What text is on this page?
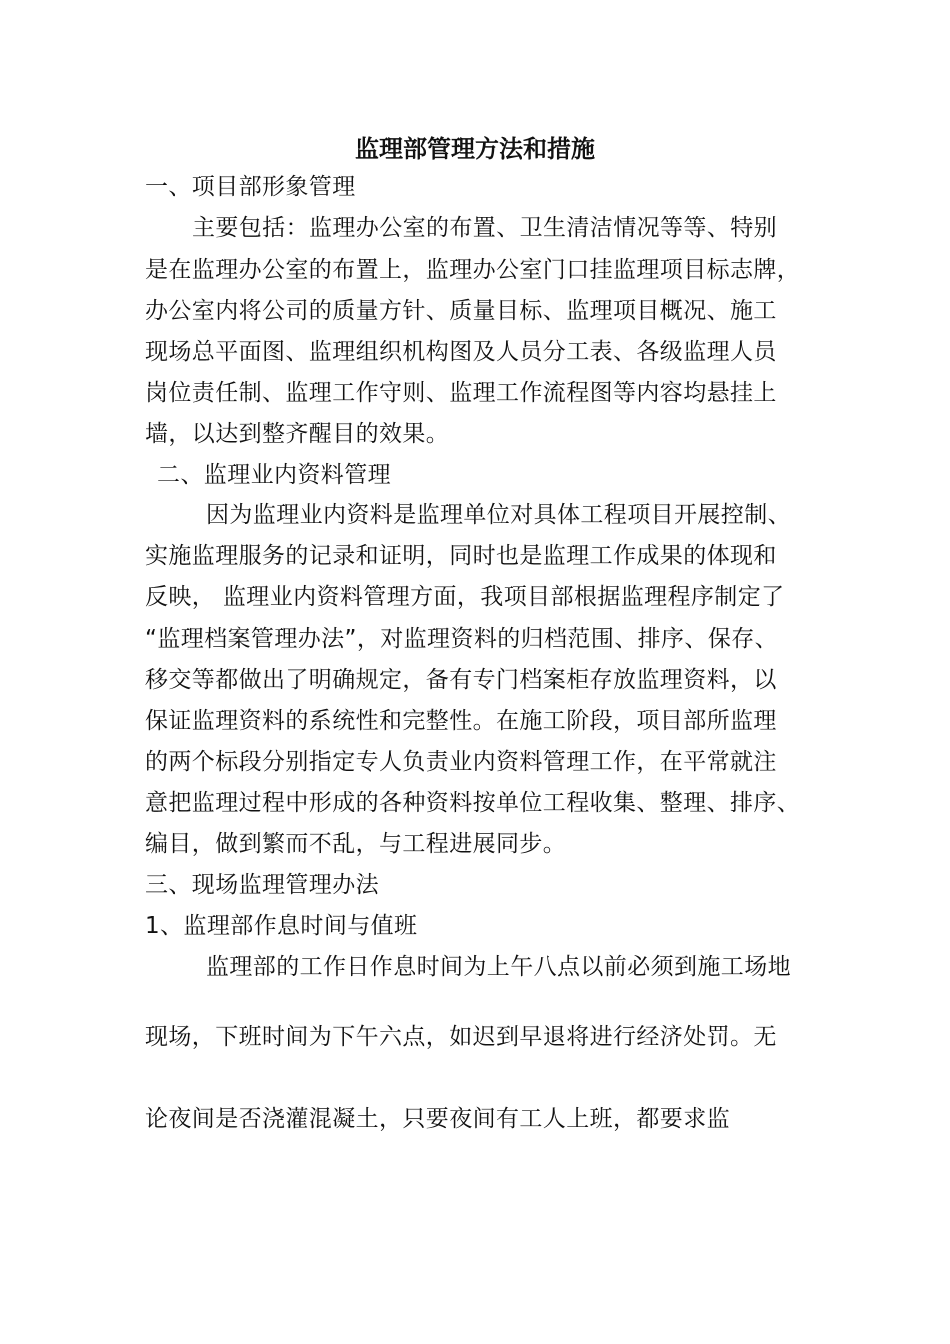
监理部管理方法和措施
一、项目部形象管理
主要包括：监理办公室的布置、卫生清洁情况等等、特别
是在监理办公室的布置上，监理办公室门口挂监理项目标志牌，
办公室内将公司的质量方针、质量目标、监理项目概况、施工
现场总平面图、监理组织机构图及人员分工表、各级监理人员
岗位责任制、监理工作守则、监理工作流程图等内容均悬挂上
墙，以达到整齐醒目的效果。
二、监理业内资料管理
因为监理业内资料是监理单位对具体工程项目开展控制、
实施监理服务的记录和证明，同时也是监理工作成果的体现和
反映， 监理业内资料管理方面，我项目部根据监理程序制定了
“监理档案管理办法”，对监理资料的归档范围、排序、保存、
移交等都做出了明确规定，备有专门档案柜存放监理资料，以
保证监理资料的系统性和完整性。在施工阶段，项目部所监理
的两个标段分别指定专人负责业内资料管理工作，在平常就注
意把监理过程中形成的各种资料按单位工程收集、整理、排序、
编目，做到繁而不乱，与工程进展同步。
三、现场监理管理办法
1、监理部作息时间与值班
监理部的工作日作息时间为上午八点以前必须到施工场地
现场，下班时间为下午六点，如迟到早退将进行经济处罚。无
论夜间是否浇灌混凝土，只要夜间有工人上班，都要求监
